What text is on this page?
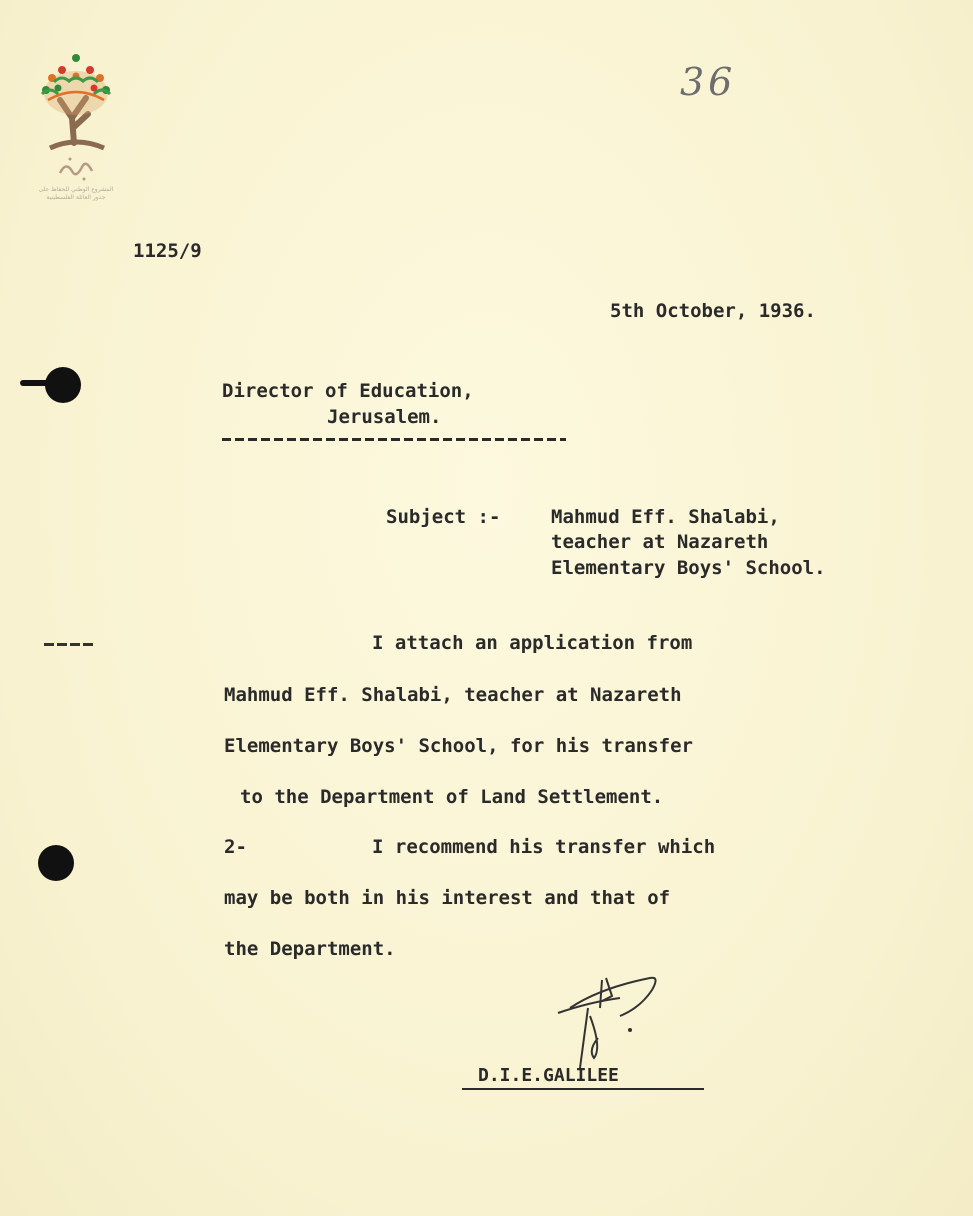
المشروع الوطني للحفاظ على
جذور العائلة الفلسطينية
36
1125/9
5th October, 1936.
Director of Education,
Jerusalem.
Subject :-	Mahmud Eff. Shalabi,
teacher at Nazareth
Elementary Boys' School.
I attach an application from
Mahmud Eff. Shalabi, teacher at Nazareth
Elementary Boys' School, for his transfer
to the Department of Land Settlement.
2-	I recommend his transfer which
may be both in his interest and that of
the Department.
D.I.E.GALILEE
